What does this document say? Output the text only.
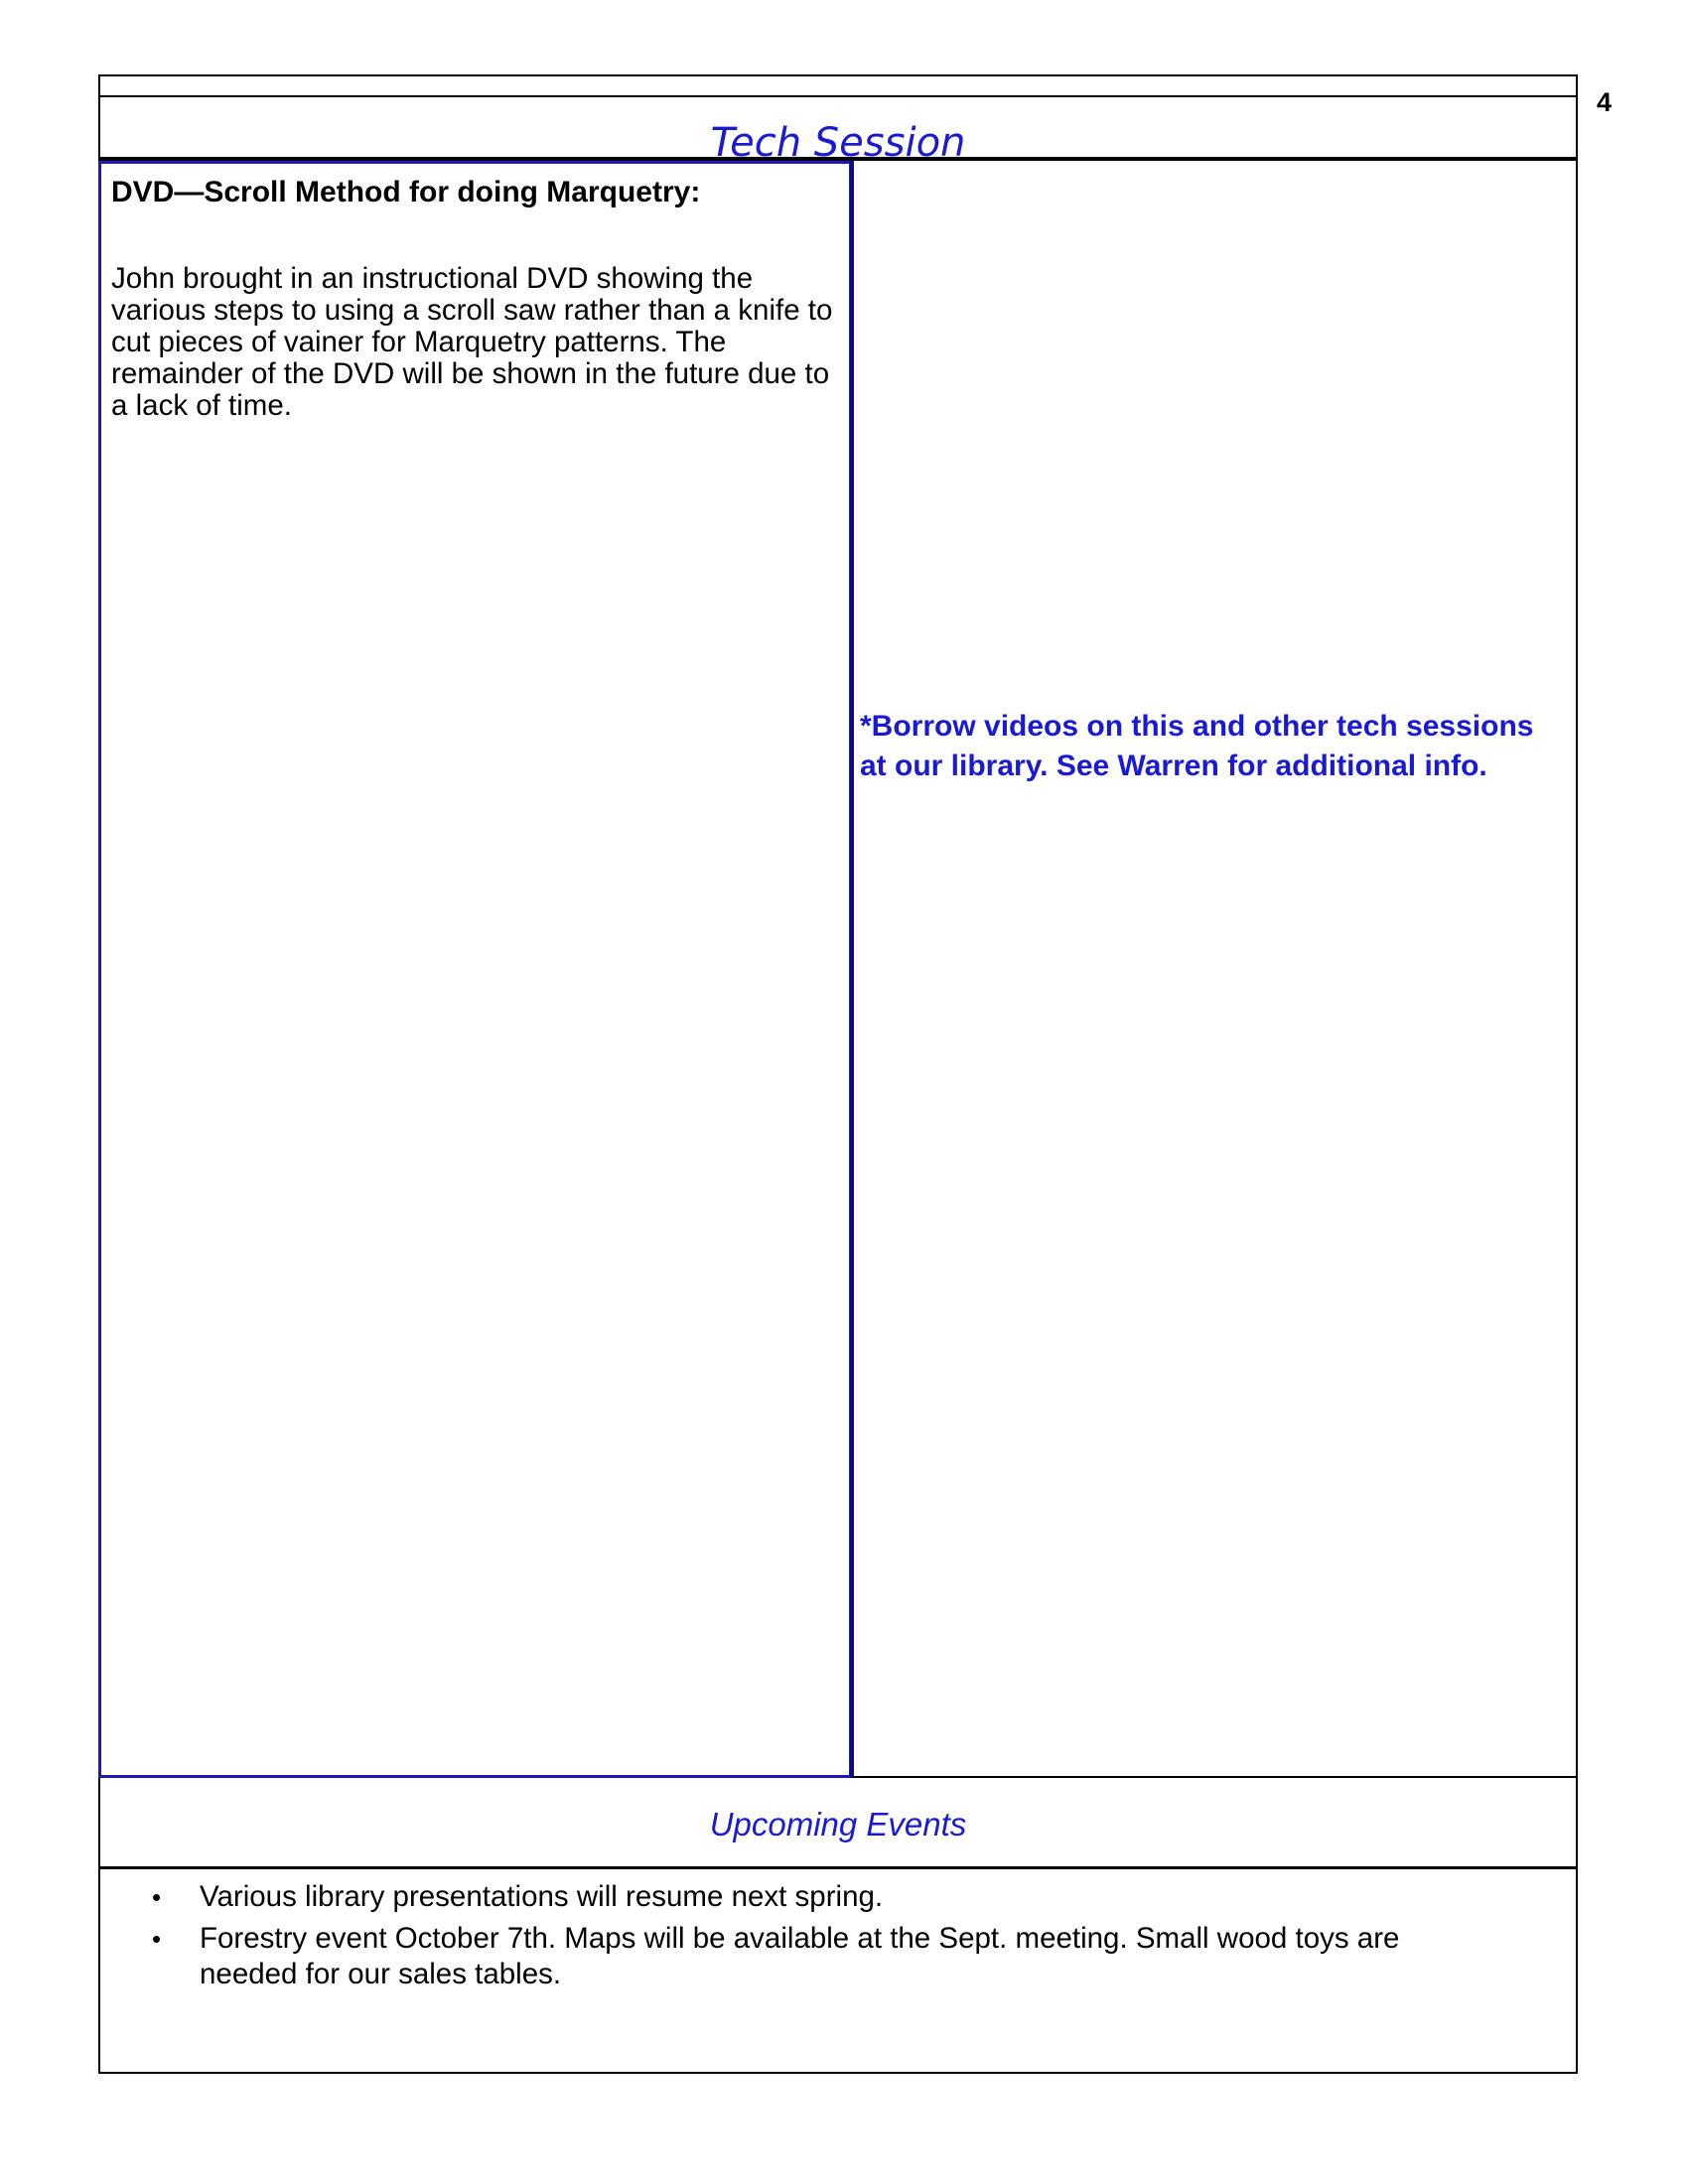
4
Tech Session
DVD—Scroll Method for doing Marquetry:
John brought in an instructional DVD showing the various steps to using a scroll saw rather than a knife to cut pieces of vainer for Marquetry patterns. The remainder of the DVD will be shown in the future due to a lack of time.
*Borrow videos on this and other tech sessions at our library. See Warren for additional info.
Upcoming Events
• Various library presentations will resume next spring.
• Forestry event October 7th. Maps will be available at the Sept. meeting. Small wood toys are needed for our sales tables.
